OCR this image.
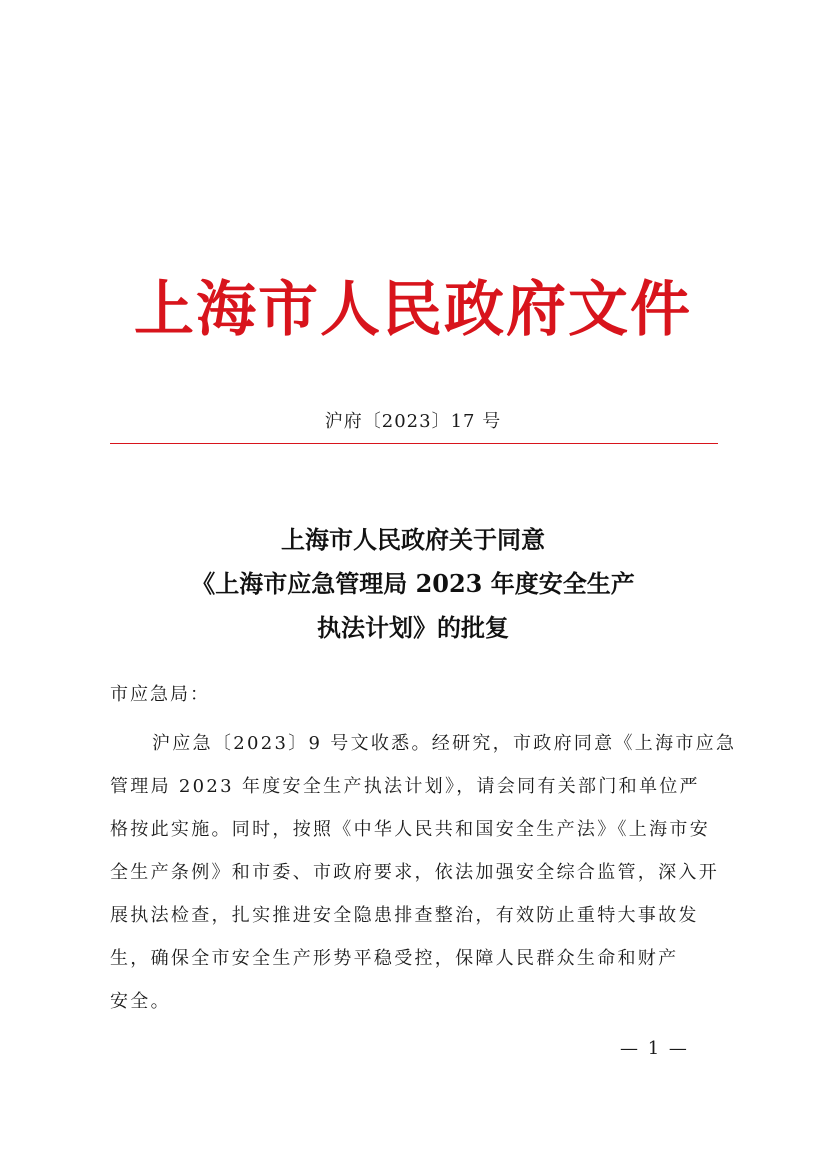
上海市人民政府文件
沪府〔2023〕17 号
上海市人民政府关于同意
《上海市应急管理局 2023 年度安全生产
执法计划》的批复
市应急局：
沪应急〔2023〕9 号文收悉。经研究，市政府同意《上海市应急
管理局 2023 年度安全生产执法计划》，请会同有关部门和单位严
格按此实施。同时，按照《中华人民共和国安全生产法》《上海市安
全生产条例》和市委、市政府要求，依法加强安全综合监管，深入开
展执法检查，扎实推进安全隐患排查整治，有效防止重特大事故发
生，确保全市安全生产形势平稳受控，保障人民群众生命和财产
安全。
— 1 —
